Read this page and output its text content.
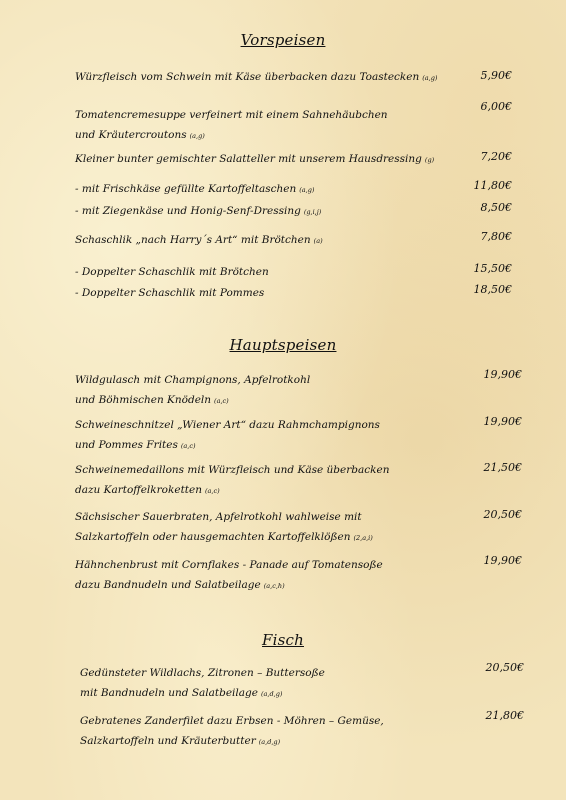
Vorspeisen
Würzfleisch vom Schwein mit Käse überbacken dazu Toastecken (a,g)	5,90€
Tomatencremesuppe verfeinert mit einem Sahnehäubchen
und Kräutercroutons (a,g)
6,00€
Kleiner bunter gemischter Salatteller mit unserem Hausdressing (g)	7,20€
- mit Frischkäse gefüllte Kartoffeltaschen (a,g)	11,80€
- mit Ziegenkäse und Honig-Senf-Dressing (g,i,j)	8,50€
Schaschlik „nach Harry´s Art“ mit Brötchen (a)	7,80€
- Doppelter Schaschlik mit Brötchen	15,50€
- Doppelter Schaschlik mit Pommes	18,50€
Hauptspeisen
Wildgulasch mit Champignons, Apfelrotkohl
und Böhmischen Knödeln (a,c)
19,90€
Schweineschnitzel „Wiener Art“ dazu Rahmchampignons
und Pommes Frites (a,c)
19,90€
Schweinemedaillons mit Würzfleisch und Käse überbacken
dazu Kartoffelkroketten (a,c)
21,50€
Sächsischer Sauerbraten, Apfelrotkohl wahlweise mit
Salzkartoffeln oder hausgemachten Kartoffelklößen (2,a,i)
20,50€
Hähnchenbrust mit Cornflakes - Panade auf Tomatensoße
dazu Bandnudeln und Salatbeilage (a,c,h)
19,90€
Fisch
Gedünsteter Wildlachs, Zitronen – Buttersoße
mit Bandnudeln und Salatbeilage (a,d,g)
20,50€
Gebratenes Zanderfilet dazu Erbsen - Möhren – Gemüse,
Salzkartoffeln und Kräuterbutter (a,d,g)
21,80€
